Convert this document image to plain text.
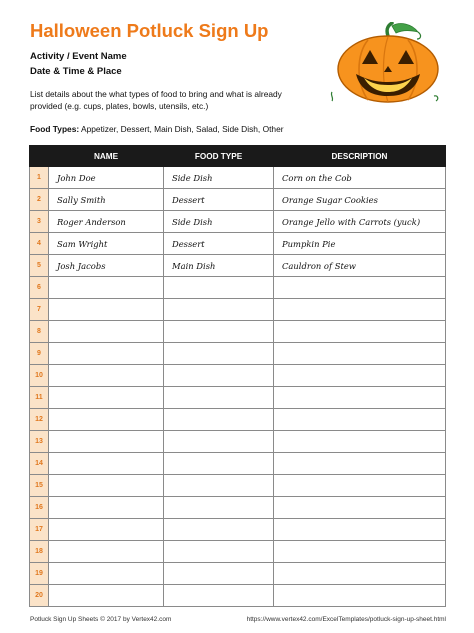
Halloween Potluck Sign Up
Activity / Event Name
Date & Time & Place
List details about the what types of food to bring and what is already provided (e.g. cups, plates, bowls, utensils, etc.)
Food Types: Appetizer, Dessert, Main Dish, Salad, Side Dish, Other
	NAME	FOOD TYPE	DESCRIPTION
1	John Doe	Side Dish	Corn on the Cob
2	Sally Smith	Dessert	Orange Sugar Cookies
3	Roger Anderson	Side Dish	Orange Jello with Carrots (yuck)
4	Sam Wright	Dessert	Pumpkin Pie
5	Josh Jacobs	Main Dish	Cauldron of Stew
6			
7			
8			
9			
10			
11			
12			
13			
14			
15			
16			
17			
18			
19			
20			
Potluck Sign Up Sheets © 2017 by Vertex42.com	https://www.vertex42.com/ExcelTemplates/potluck-sign-up-sheet.html
